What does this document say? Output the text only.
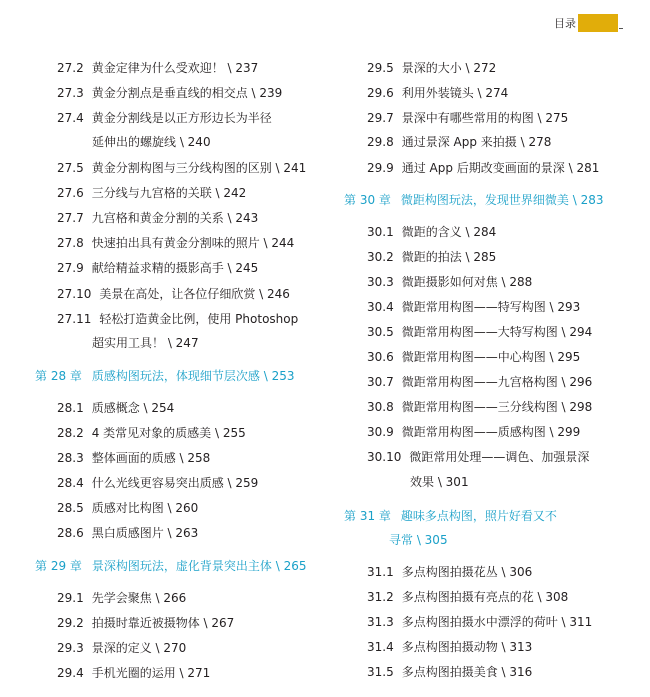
目录
27.2 黄金定律为什么受欢迎！ \ 237
27.3 黄金分割点是垂直线的相交点 \ 239
27.4 黄金分割线是以正方形边长为半径
延伸出的螺旋线 \ 240
27.5 黄金分割构图与三分线构图的区别 \ 241
27.6 三分线与九宫格的关联 \ 242
27.7 九宫格和黄金分割的关系 \ 243
27.8 快速拍出具有黄金分割味的照片 \ 244
27.9 献给精益求精的摄影高手 \ 245
27.10 美景在高处，让各位仔细欣赏 \ 246
27.11 轻松打造黄金比例，使用 Photoshop
超实用工具！ \ 247
第 28 章 质感构图玩法，体现细节层次感 \ 253
28.1 质感概念 \ 254
28.2 4 类常见对象的质感美 \ 255
28.3 整体画面的质感 \ 258
28.4 什么光线更容易突出质感 \ 259
28.5 质感对比构图 \ 260
28.6 黑白质感图片 \ 263
第 29 章 景深构图玩法，虚化背景突出主体 \ 265
29.1 先学会聚焦 \ 266
29.2 拍摄时靠近被摄物体 \ 267
29.3 景深的定义 \ 270
29.4 手机光圈的运用 \ 271
29.5 景深的大小 \ 272
29.6 利用外装镜头 \ 274
29.7 景深中有哪些常用的构图 \ 275
29.8 通过景深 App 来拍摄 \ 278
29.9 通过 App 后期改变画面的景深 \ 281
第 30 章 微距构图玩法，发现世界细微美 \ 283
30.1 微距的含义 \ 284
30.2 微距的拍法 \ 285
30.3 微距摄影如何对焦 \ 288
30.4 微距常用构图——特写构图 \ 293
30.5 微距常用构图——大特写构图 \ 294
30.6 微距常用构图——中心构图 \ 295
30.7 微距常用构图——九宫格构图 \ 296
30.8 微距常用构图——三分线构图 \ 298
30.9 微距常用构图——质感构图 \ 299
30.10 微距常用处理——调色、加强景深
效果 \ 301
第 31 章 趣味多点构图，照片好看又不
寻常 \ 305
31.1 多点构图拍摄花丛 \ 306
31.2 多点构图拍摄有亮点的花 \ 308
31.3 多点构图拍摄水中漂浮的荷叶 \ 311
31.4 多点构图拍摄动物 \ 313
31.5 多点构图拍摄美食 \ 316
